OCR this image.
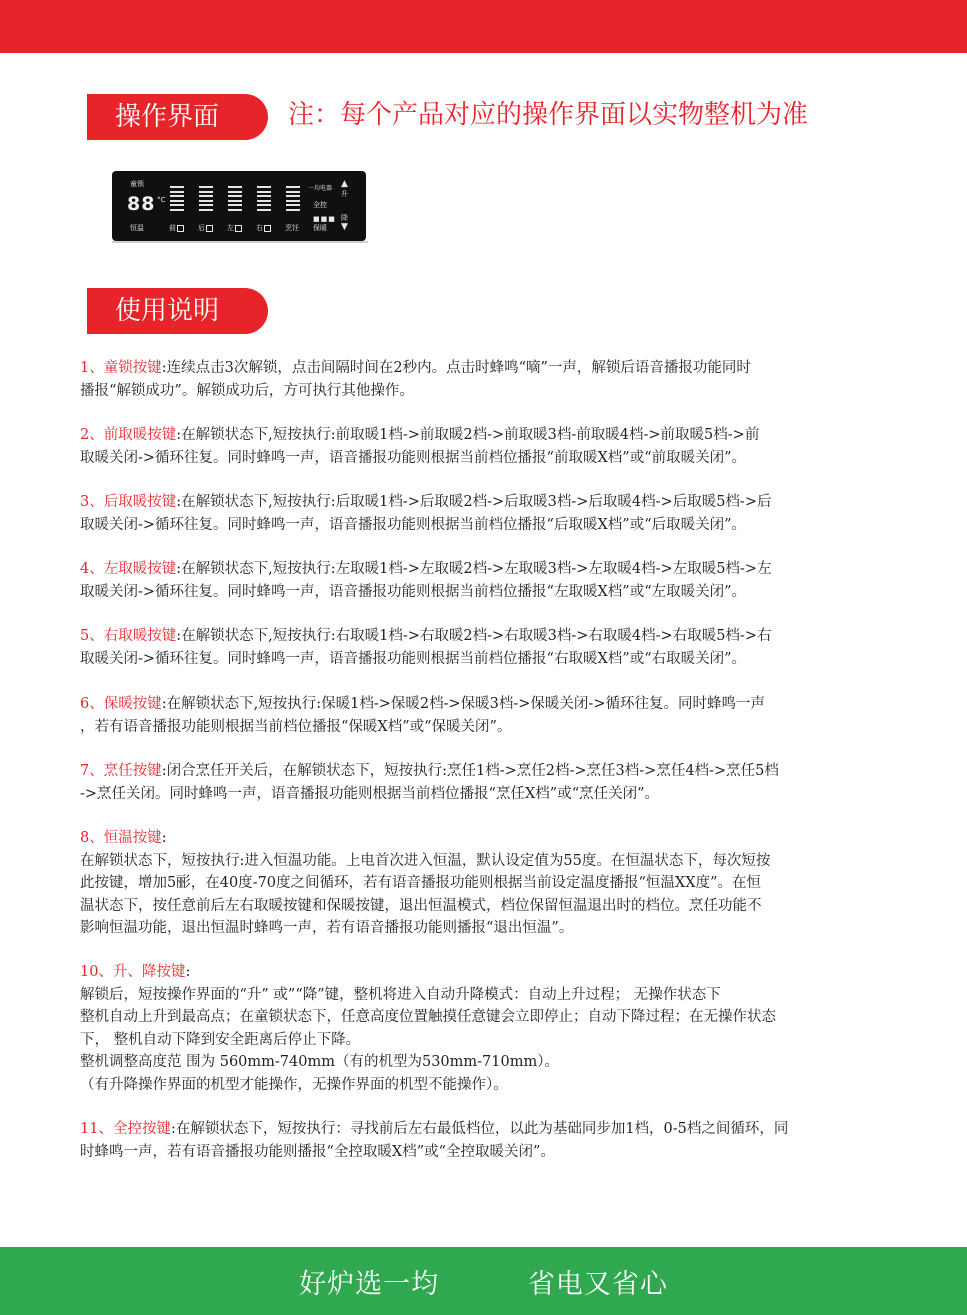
操作界面	注：每个产品对应的操作界面以实物整机为准
童锁
88 °C
恒温	前	后	左	右	烹饪
一均电器
全控
■■■
保暖
▲
升
降
▼
使用说明

1、童锁按键:连续点击3次解锁，点击间隔时间在2秒内。点击时蜂鸣“嘀”一声，解锁后语音播报功能同时
播报“解锁成功”。解锁成功后，方可执行其他操作。

2、前取暖按键:在解锁状态下,短按执行:前取暖1档->前取暖2档->前取暖3档-前取暖4档->前取暖5档->前
取暖关闭->循环往复。同时蜂鸣一声，语音播报功能则根据当前档位播报“前取暖X档”或“前取暖关闭”。

3、后取暖按键:在解锁状态下,短按执行:后取暖1档->后取暖2档->后取暖3档->后取暖4档->后取暖5档->后
取暖关闭->循环往复。同时蜂鸣一声，语音播报功能则根据当前档位播报“后取暖X档”或“后取暖关闭”。

4、左取暖按键:在解锁状态下,短按执行:左取暖1档->左取暖2档->左取暖3档->左取暖4档->左取暖5档->左
取暖关闭->循环往复。同时蜂鸣一声，语音播报功能则根据当前档位播报“左取暖X档”或“左取暖关闭”。

5、右取暖按键:在解锁状态下,短按执行:右取暖1档->右取暖2档->右取暖3档->右取暖4档->右取暖5档->右
取暖关闭->循环往复。同时蜂鸣一声，语音播报功能则根据当前档位播报“右取暖X档”或“右取暖关闭”。

6、保暖按键:在解锁状态下,短按执行:保暖1档->保暖2档->保暖3档->保暖关闭->循环往复。同时蜂鸣一声
，若有语音播报功能则根据当前档位播报“保暖X档”或“保暖关闭”。

7、烹任按键:闭合烹任开关后，在解锁状态下，短按执行:烹任1档->烹任2档->烹任3档->烹任4档->烹任5档
->烹任关闭。同时蜂鸣一声，语音播报功能则根据当前档位播报“烹任X档”或“烹任关闭”。

8、恒温按键:
在解锁状态下，短按执行:进入恒温功能。上电首次进入恒温，默认设定值为55度。在恒温状态下，每次短按
此按键，增加5彨，在40度-70度之间循环，若有语音播报功能则根据当前设定温度播报“恒温XX度”。在恒
温状态下，按任意前后左右取暖按键和保暖按键，退出恒温模式，档位保留恒温退出时的档位。烹任功能不
影响恒温功能，退出恒温时蜂鸣一声，若有语音播报功能则播报“退出恒温”。

10、升、降按键:
解锁后，短按操作界面的“升” 或”“降”键，整机将进入自动升降模式：自动上升过程； 无操作状态下
整机自动上升到最高点；在童锁状态下，任意高度位置触摸任意键会立即停止；自动下降过程；在无操作状态
下， 整机自动下降到安全距离后停止下降。
整机调整高度范 围为 560mm-740mm（有的机型为530mm-710mm）。
（有升降操作界面的机型才能操作，无操作界面的机型不能操作）。

11、全控按键:在解锁状态下，短按执行：寻找前后左右最低档位，以此为基础同步加1档，0-5档之间循环，同
时蜂鸣一声，若有语音播报功能则播报“全控取暖X档”或“全控取暖关闭”。

好炉选一均   省电又省心
